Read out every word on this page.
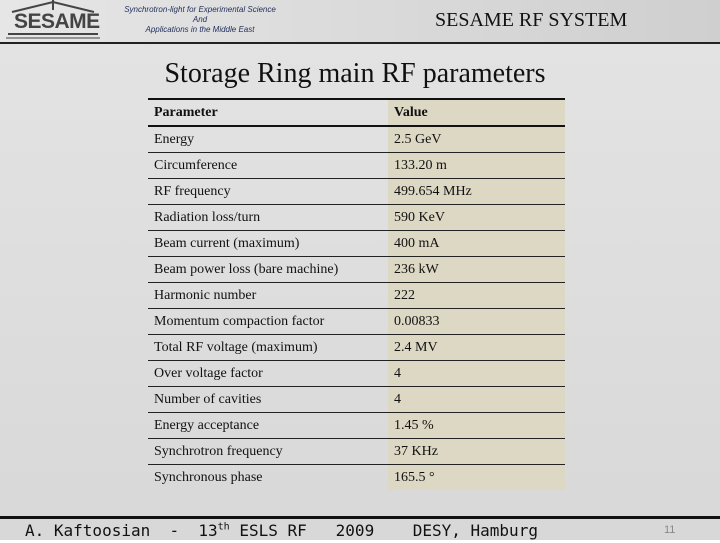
SESAME
Synchrotron-light for Experimental Science
And
Applications in the Middle East	SESAME RF SYSTEM
Storage Ring main RF parameters
Parameter	Value
Energy	2.5 GeV
Circumference	133.20 m
RF frequency	499.654 MHz
Radiation loss/turn	590 KeV
Beam current (maximum)	400 mA
Beam power loss (bare machine)	236 kW
Harmonic number	222
Momentum compaction factor	0.00833
Total RF voltage (maximum)	2.4 MV
Over voltage factor	4
Number of cavities	4
Energy acceptance	1.45 %
Synchrotron frequency	37 KHz
Synchronous phase	165.5 °
A. Kaftoosian  -  13th ESLS RF   2009    DESY, Hamburg	11
